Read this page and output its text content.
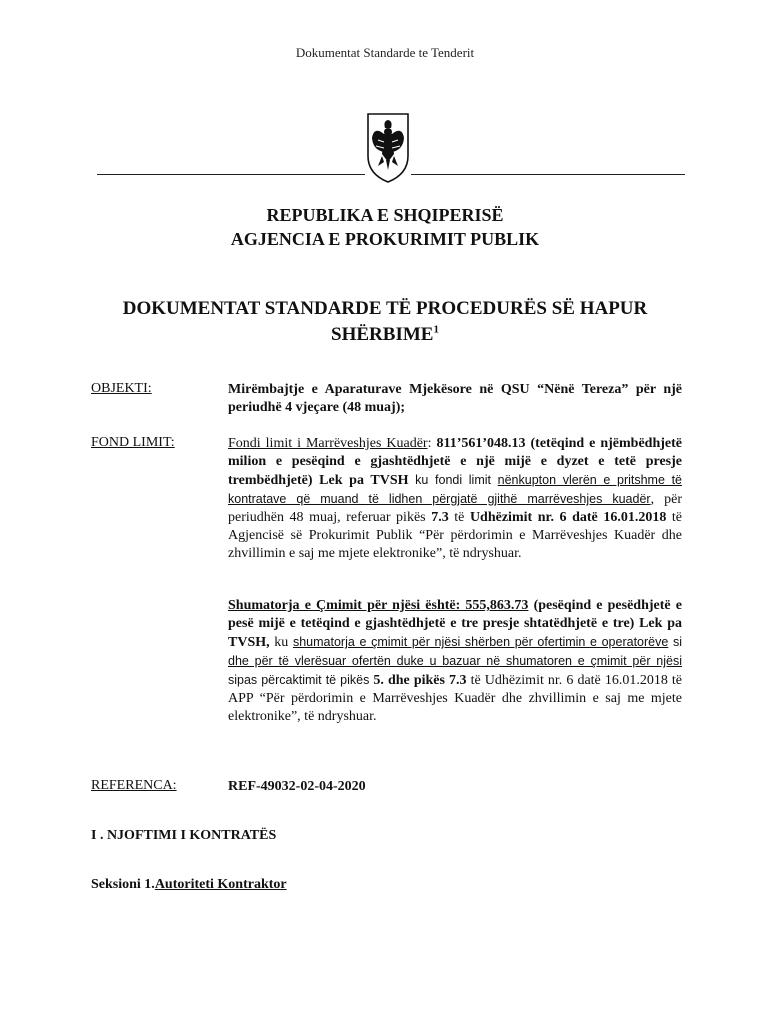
Dokumentat Standarde te Tenderit
REPUBLIKA E SHQIPERISË
AGJENCIA E PROKURIMIT PUBLIK
DOKUMENTAT STANDARDE TË PROCEDURËS SË HAPUR
SHËRBIME$^1$
OBJEKTI:	Mirëmbajtje e Aparaturave Mjekësore në QSU “Nënë Tereza” për një periudhë 4 vjeçare (48 muaj);
FOND LIMIT:	Fondi limit i Marrëveshjes Kuadër: 811’561’048.13 (tetëqind e njëmbëdhjetë milion e pesëqind e gjashtëdhjetë e një mijë e dyzet e tetë presje trembëdhjetë) Lek pa TVSH ku fondi limit nënkupton vlerën e pritshme të kontratave që muand të lidhen përgjatë gjithë marrëveshjes kuadër, për periudhën 48 muaj, referuar pikës 7.3 të Udhëzimit nr. 6 datë 16.01.2018 të Agjencisë së Prokurimit Publik “Për përdorimin e Marrëveshjes Kuadër dhe zhvillimin e saj me mjete elektronike”, të ndryshuar.
Shumatorja e Çmimit për njësi është: 555,863.73 (pesëqind e pesëdhjetë e pesë mijë e tetëqind e gjashtëdhjetë e tre presje shtatëdhjetë e tre) Lek pa TVSH, ku shumatorja e çmimit për njësi shërben për ofertimin e operatorëve si dhe për të vlerësuar ofertën duke u bazuar në shumatoren e çmimit për njësi sipas përcaktimit të pikës 5. dhe pikës 7.3 të Udhëzimit nr. 6 datë 16.01.2018 të APP “Për përdorimin e Marrëveshjes Kuadër dhe zhvillimin e saj me mjete elektronike”, të ndryshuar.
REFERENCA:	REF-49032-02-04-2020
I . NJOFTIMI I KONTRATËS
Seksioni 1.Autoriteti Kontraktor
